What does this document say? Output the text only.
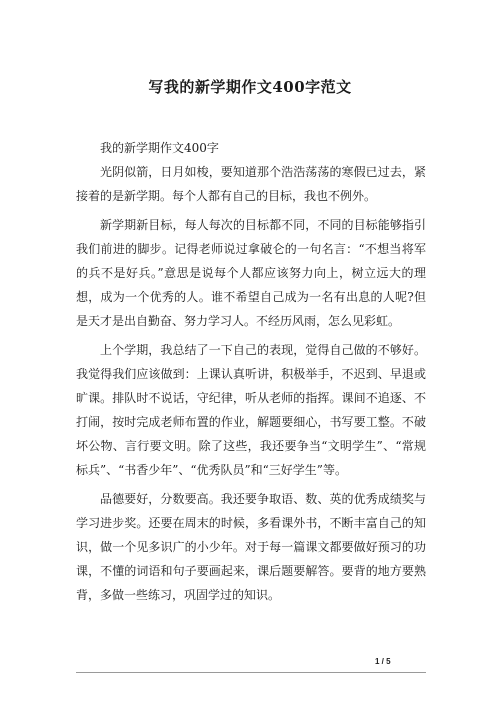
写我的新学期作文400字范文

我的新学期作文400字

光阴似箭，日月如梭，要知道那个浩浩荡荡的寒假已过去，紧接着的是新学期。每个人都有自己的目标，我也不例外。

新学期新目标，每人每次的目标都不同，不同的目标能够指引我们前进的脚步。记得老师说过拿破仑的一句名言：“不想当将军的兵不是好兵。”意思是说每个人都应该努力向上，树立远大的理想，成为一个优秀的人。谁不希望自己成为一名有出息的人呢?但是天才是出自勤奋、努力学习人。不经历风雨，怎么见彩虹。

上个学期，我总结了一下自己的表现，觉得自己做的不够好。我觉得我们应该做到：上课认真听讲，积极举手，不迟到、早退或旷课。排队时不说话，守纪律，听从老师的指挥。课间不追逐、不打闹，按时完成老师布置的作业，解题要细心，书写要工整。不破坏公物、言行要文明。除了这些，我还要争当“文明学生”、“常规标兵”、“书香少年”、“优秀队员”和“三好学生”等。

品德要好，分数要高。我还要争取语、数、英的优秀成绩奖与学习进步奖。还要在周末的时候，多看课外书，不断丰富自己的知识，做一个见多识广的小少年。对于每一篇课文都要做好预习的功课，不懂的词语和句子要画起来，课后题要解答。要背的地方要熟背，多做一些练习，巩固学过的知识。

1 / 5
